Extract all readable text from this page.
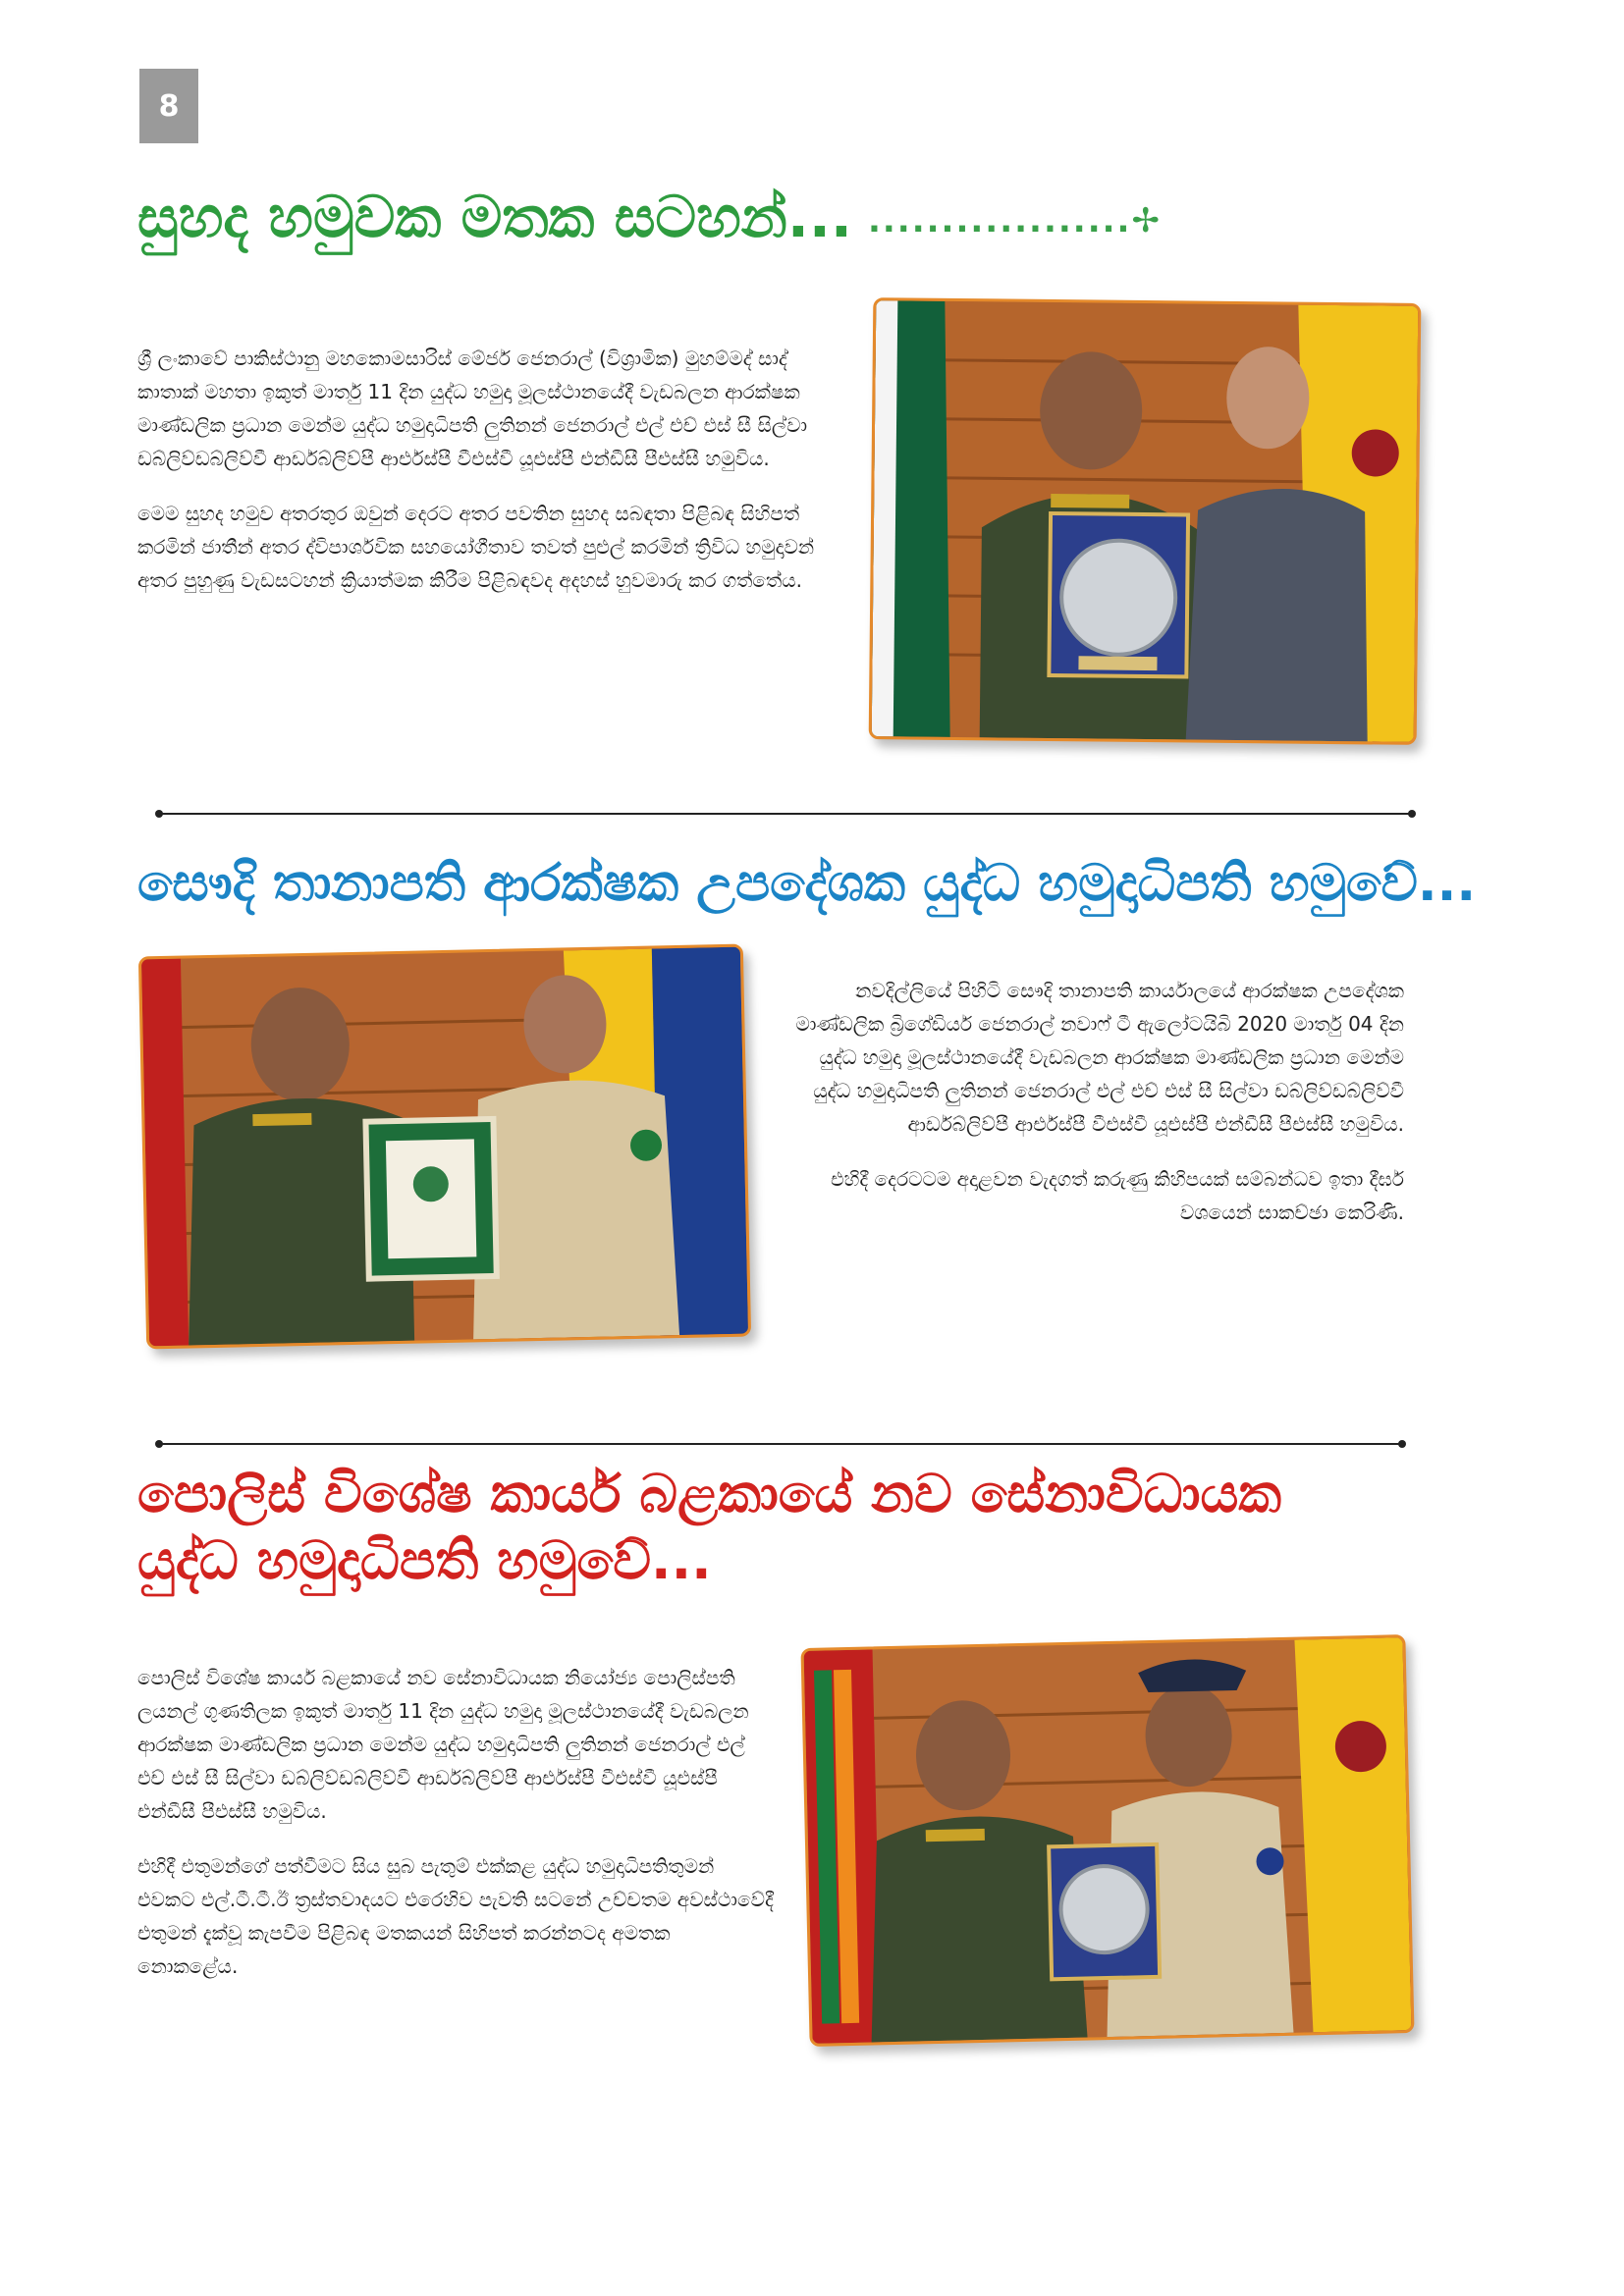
8
සුහද හමුවක මතක සටහන්... ..................✢

ශ්‍රී ලංකාවේ පාකිස්ථානු මහකොමසාරිස් මේජර් ජෙනරාල් (විශ්‍රාමික) මුහම්මද් සාද් කාතාක් මහතා ඉකුත් මාර්තු 11 දින යුද්ධ හමුදා මූලස්ථානයේදී වැඩබලන ආරක්ෂක මාණ්ඩලික ප්‍රධාන මෙන්ම යුද්ධ හමුදාධිපති ලුතිනන් ජෙනරාල් එල් එච් එස් සී සිල්වා ඩබ්ලිව්ඩබ්ලිව්වී ආර්ඩබ්ලිව්පී ආර්එස්පී වීඑස්වී යූඑස්පී එන්ඩීසී පීඑස්සී හමුවිය.

මෙම සුහද හමුව අතරතුර ඔවුන් දෙරට අතර පවතින සුහද සබඳතා පිළිබඳ සිහිපත් කරමින් ජාතීන් අතර ද්විපාර්ශවික සහයෝගීතාව තවත් පුළුල් කරමින් ත්‍රිවිධ හමුදාවන් අතර පුහුණු වැඩසටහන් ක්‍රියාත්මක කිරීම පිළිබඳවද අදහස් හුවමාරු කර ගත්තේය.

සෞදි තානාපති ආරක්ෂක උපදේශක යුද්ධ හමුදාධිපති හමුවේ...

නවදිල්ලියේ පිහිටි සෞදි තානාපති කාර්යාලයේ ආරක්ෂක උපදේශක මාණ්ඩලික බ්‍රිගේඩියර් ජෙනරාල් නවාෆ් ටී ඇලෝටයිබි 2020 මාර්තු 04 දින යුද්ධ හමුදා මූලස්ථානයේදී වැඩබලන ආරක්ෂක මාණ්ඩලික ප්‍රධාන මෙන්ම යුද්ධ හමුදාධිපති ලුතිනන් ජෙනරාල් එල් එච් එස් සී සිල්වා ඩබ්ලිව්ඩබ්ලිව්වී ආර්ඩබ්ලිව්පී ආර්එස්පී වීඑස්වී යූඑස්පී එන්ඩීසී පීඑස්සී හමුවිය.

එහිදී දෙරටටම අදාළවන වැදගත් කරුණු කිහිපයක් සම්බන්ධව ඉතා දීර්ඝ වශයෙන් සාකච්ඡා කෙරිණි.

පොලිස් විශේෂ කාර්ය බළකායේ නව සේනාවිධායක යුද්ධ හමුදාධිපති හමුවේ...

පොලිස් විශේෂ කාර්ය බළකායේ නව සේනාවිධායක නියෝජ්‍ය පොලිස්පති ලයනල් ගුණතිලක ඉකුත් මාර්තු 11 දින යුද්ධ හමුදා මූලස්ථානයේදී වැඩබලන ආරක්ෂක මාණ්ඩලික ප්‍රධාන මෙන්ම යුද්ධ හමුදාධිපති ලුතිනන් ජෙනරාල් එල් එච් එස් සී සිල්වා ඩබ්ලිව්ඩබ්ලිව්වී ආර්ඩබ්ලිව්පී ආර්එස්පී වීඑස්වී යූඑස්පී එන්ඩීසී පීඑස්සී හමුවිය.

එහිදී එතුමන්ගේ පත්වීමට සිය සුබ පැතුම් එක්කළ යුද්ධ හමුදාධිපතිතුමන් එවකට එල්.ටී.ටී.ඊ ත්‍රස්තවාදයට එරෙහිව පැවති සටනේ උච්චතම අවස්ථාවේදී එතුමන් දැක්වූ කැපවීම පිළිබඳ මතකයන් සිහිපත් කරන්නටද අමතක නොකළේය.
